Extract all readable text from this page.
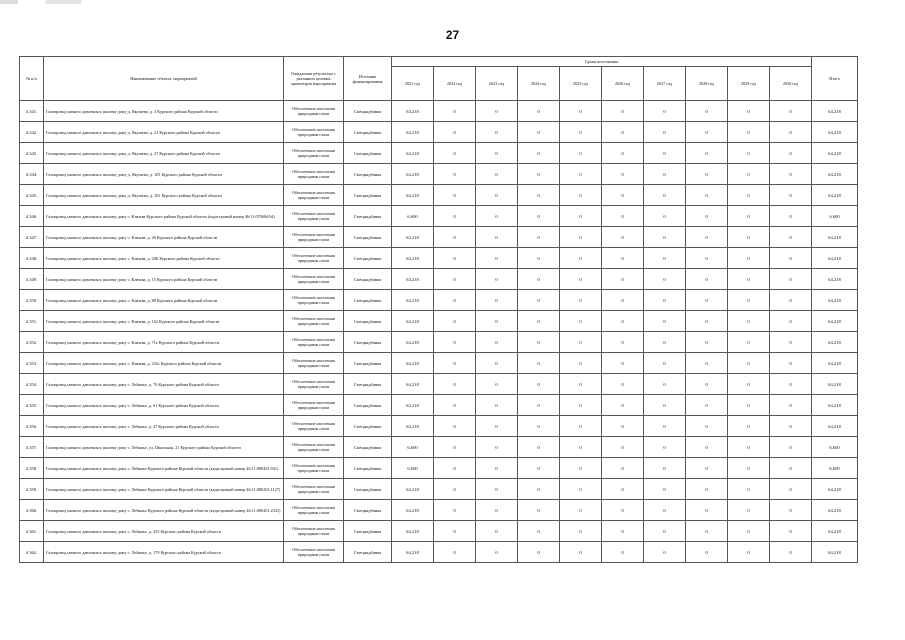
27
№ п/п	Наименование объекта, мероприятий	Ожидаемые результаты с указанием целевых ориентиров мероприятия	Источник финансирования	Сроки исполнения										Итого
				2021 год	2022 год	2023 год	2024 год	2025 год	2026 год	2027 год	2028 год	2029 год	2030 год	
4.341.	Газопровод низкого давления к жилому дому д. Якушево, д. 4 Курского района Курской области	Обеспечение населения природным газом	Спецнадбавка	64,218	0	0	0	0	0	0	0	0	0	64,218
4.342.	Газопровод низкого давления к жилому дому д. Якушево, д. 21 Курского района Курской области	Обеспечение населения природным газом	Спецнадбавка	64,218	0	0	0	0	0	0	0	0	0	64,218
4.343.	Газопровод низкого давления к жилому дому д. Якушево, д. 27 Курского района Курской области	Обеспечение населения природным газом	Спецнадбавка	64,218	0	0	0	0	0	0	0	0	0	64,218
4.344.	Газопровод низкого давления к жилому дому д. Якушево, д. 105 Курского района Курской области	Обеспечение населения природным газом	Спецнадбавка	64,218	0	0	0	0	0	0	0	0	0	64,218
4.345.	Газопровод низкого давления к жилому дому д. Якушево, д. 101 Курского района Курской области	Обеспечение населения природным газом	Спецнадбавка	64,218	0	0	0	0	0	0	0	0	0	64,218
4.346.	Газопровод низкого давления к жилому дому с. Клюква Курского района Курской области (кадастровый номер 46:11:070604:94)	Обеспечение населения природным газом	Спецнадбавка	6,600	0	0	0	0	0	0	0	0	0	6,600
4.347.	Газопровод низкого давления к жилому дому с. Клюква, д. 46 Курского района Курской области	Обеспечение населения природным газом	Спецнадбавка	64,218	0	0	0	0	0	0	0	0	0	64,218
4.348.	Газопровод низкого давления к жилому дому с. Клюква, д. 20Б Курского района Курской области	Обеспечение населения природным газом	Спецнадбавка	64,218	0	0	0	0	0	0	0	0	0	64,218
4.349.	Газопровод низкого давления к жилому дому с. Клюква, д. 15 Курского района Курской области	Обеспечение населения природным газом	Спецнадбавка	64,218	0	0	0	0	0	0	0	0	0	64,218
4.350.	Газопровод низкого давления к жилому дому с. Клюква, д. 88 Курского района Курской области	Обеспечение населения природным газом	Спецнадбавка	64,218	0	0	0	0	0	0	0	0	0	64,218
4.351.	Газопровод низкого давления к жилому дому с. Клюква, д. 162 Курского района Курской области	Обеспечение населения природным газом	Спецнадбавка	64,218	0	0	0	0	0	0	0	0	0	64,218
4.352.	Газопровод низкого давления к жилому дому с. Клюква, д. 71е Курского района Курской области	Обеспечение населения природным газом	Спецнадбавка	64,218	0	0	0	0	0	0	0	0	0	64,218
4.353.	Газопровод низкого давления к жилому дому с. Клюква, д. 232с Курского района Курской области	Обеспечение населения природным газом	Спецнадбавка	64,218	0	0	0	0	0	0	0	0	0	64,218
4.354.	Газопровод низкого давления к жилому дому с. Лебяжье, д. 76 Курского района Курской области	Обеспечение населения природным газом	Спецнадбавка	64,218	0	0	0	0	0	0	0	0	0	64,218
4.355.	Газопровод низкого давления к жилому дому с. Лебяжье, д. 61 Курского района Курской области	Обеспечение населения природным газом	Спецнадбавка	64,218	0	0	0	0	0	0	0	0	0	64,218
4.356.	Газопровод низкого давления к жилому дому с. Лебяжье, д. 47 Курского района Курской области	Обеспечение населения природным газом	Спецнадбавка	64,218	0	0	0	0	0	0	0	0	0	64,218
4.357.	Газопровод низкого давления к жилому дому с. Лебяжье, ул. Школьная, 21 Курского района Курской области	Обеспечение населения природным газом	Спецнадбавка	6,600	0	0	0	0	0	0	0	0	0	6,600
4.358.	Газопровод низкого давления к жилому дому с. Лебяжье Курского района Курской области (кадастровый номер 46:11:080201:941)	Обеспечение населения природным газом	Спецнадбавка	6,600	0	0	0	0	0	0	0	0	0	6,600
4.359.	Газопровод низкого давления к жилому дому с. Лебяжье Курского района Курской области (кадастровый номер 46:11:080201:1127)	Обеспечение населения природным газом	Спецнадбавка	64,218	0	0	0	0	0	0	0	0	0	64,218
4.360.	Газопровод низкого давления к жилому дому с. Лебяжье Курского района Курской области (кадастровый номер 46:11:080201:2341)	Обеспечение населения природным газом	Спецнадбавка	64,218	0	0	0	0	0	0	0	0	0	64,218
4.361.	Газопровод низкого давления к жилому дому с. Лебяжье, д. 255 Курского района Курской области	Обеспечение населения природным газом	Спецнадбавка	64,218	0	0	0	0	0	0	0	0	0	64,218
4.362.	Газопровод низкого давления к жилому дому с. Лебяжье, д. 179 Курского района Курской области	Обеспечение населения природным газом	Спецнадбавка	64,218	0	0	0	0	0	0	0	0	0	64,218
